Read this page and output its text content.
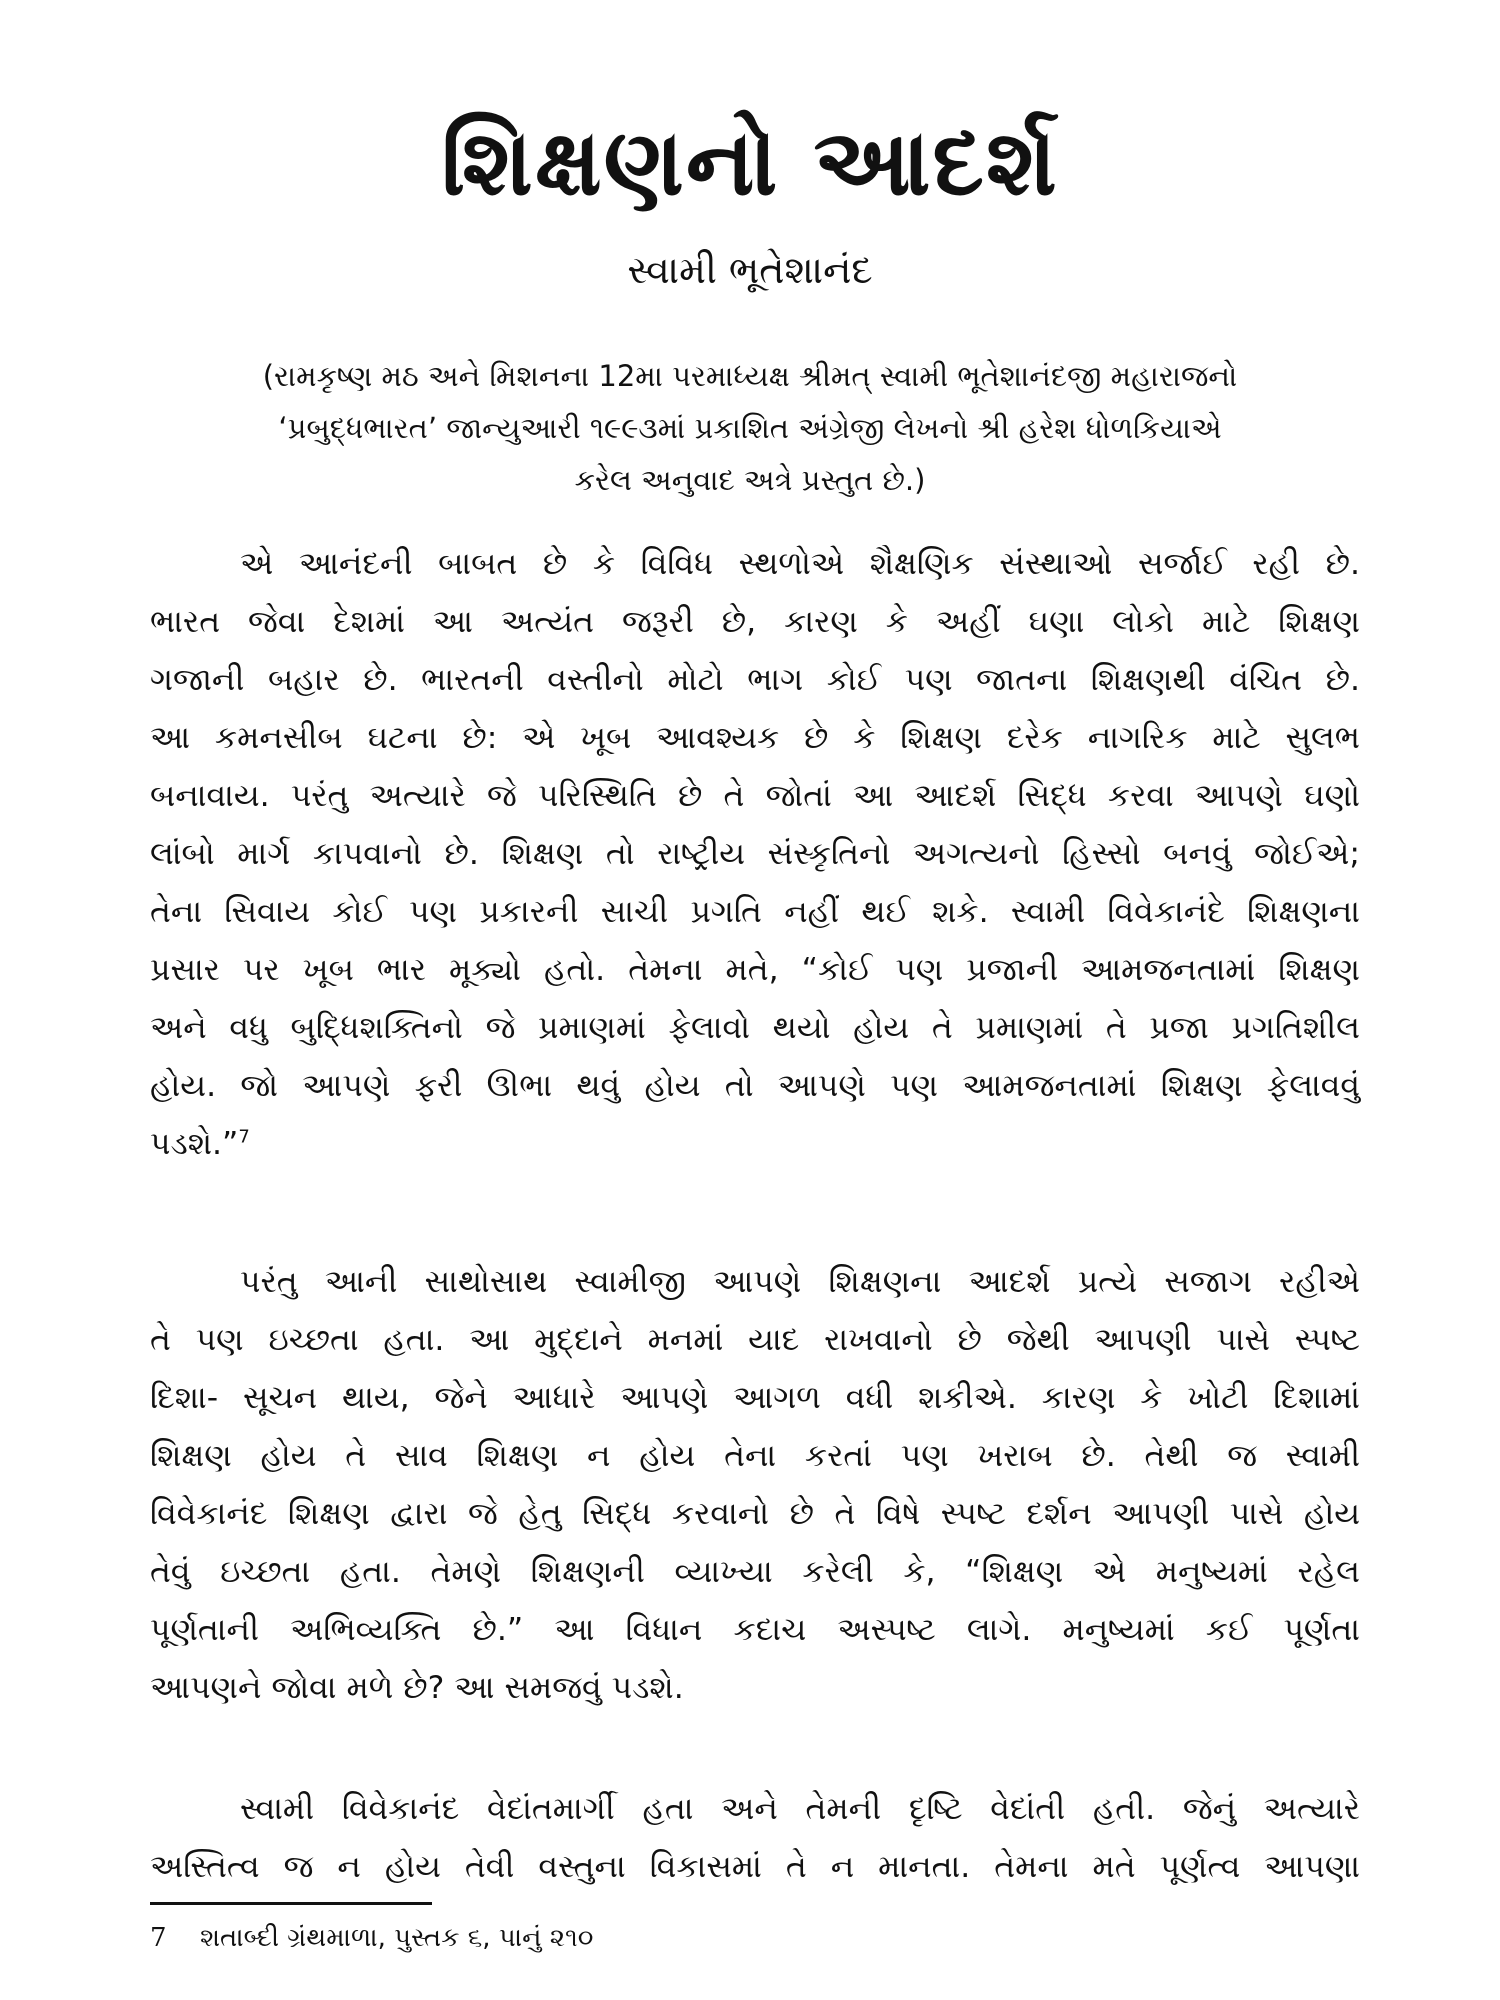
શિક્ષણનો આદર્શ
સ્વામી ભૂતેશાનંદ
(રામકૃષ્ણ મઠ અને મિશનના 12મા પરમાધ્યક્ષ શ્રીમત્ સ્વામી ભૂતેશાનંદજી મહારાજનો
‘પ્રબુદ્ધભારત’ જાન્યુઆરી ૧૯૯૩માં પ્રકાશિત અંગ્રેજી લેખનો શ્રી હરેશ ધોળકિયાએ
કરેલ અનુવાદ અત્રે પ્રસ્તુત છે.)
એ આનંદની બાબત છે કે વિવિધ સ્થળોએ શૈક્ષણિક સંસ્થાઓ સર્જાઈ રહી છે.
ભારત જેવા દેશમાં આ અત્યંત જરૂરી છે, કારણ કે અહીં ઘણા લોકો માટે શિક્ષણ
ગજાની બહાર છે. ભારતની વસ્તીનો મોટો ભાગ કોઈ પણ જાતના શિક્ષણથી વંચિત છે.
આ કમનસીબ ઘટના છે: એ ખૂબ આવશ્યક છે કે શિક્ષણ દરેક નાગરિક માટે સુલભ
બનાવાય. પરંતુ અત્યારે જે પરિસ્થિતિ છે તે જોતાં આ આદર્શ સિદ્ધ કરવા આપણે ઘણો
લાંબો માર્ગ કાપવાનો છે. શિક્ષણ તો રાષ્ટ્રીય સંસ્કૃતિનો અગત્યનો હિસ્સો બનવું જોઈએ;
તેના સિવાય કોઈ પણ પ્રકારની સાચી પ્રગતિ નહીં થઈ શકે. સ્વામી વિવેકાનંદે શિક્ષણના
પ્રસાર પર ખૂબ ભાર મૂક્યો હતો. તેમના મતે, “કોઈ પણ પ્રજાની આમજનતામાં શિક્ષણ
અને વધુ બુદ્ધિશક્તિનો જે પ્રમાણમાં ફેલાવો થયો હોય તે પ્રમાણમાં તે પ્રજા પ્રગતિશીલ
હોય. જો આપણે ફરી ઊભા થવું હોય તો આપણે પણ આમજનતામાં શિક્ષણ ફેલાવવું
પડશે.”$^7$
પરંતુ આની સાથોસાથ સ્વામીજી આપણે શિક્ષણના આદર્શ પ્રત્યે સજાગ રહીએ
તે પણ ઇચ્છતા હતા. આ મુદ્દાને મનમાં યાદ રાખવાનો છે જેથી આપણી પાસે સ્પષ્ટ
દિશા- સૂચન થાય, જેને આધારે આપણે આગળ વધી શકીએ. કારણ કે ખોટી દિશામાં
શિક્ષણ હોય તે સાવ શિક્ષણ ન હોય તેના કરતાં પણ ખરાબ છે. તેથી જ સ્વામી
વિવેકાનંદ શિક્ષણ દ્વારા જે હેતુ સિદ્ધ કરવાનો છે તે વિષે સ્પષ્ટ દર્શન આપણી પાસે હોય
તેવું ઇચ્છતા હતા. તેમણે શિક્ષણની વ્યાખ્યા કરેલી કે, “શિક્ષણ એ મનુષ્યમાં રહેલ
પૂર્ણતાની અભિવ્યક્તિ છે.” આ વિધાન કદાચ અસ્પષ્ટ લાગે. મનુષ્યમાં કઈ પૂર્ણતા
આપણને જોવા મળે છે? આ સમજવું પડશે.
સ્વામી વિવેકાનંદ વેદાંતમાર્ગી હતા અને તેમની દૃષ્ટિ વેદાંતી હતી. જેનું અત્યારે
અસ્તિત્વ જ ન હોય તેવી વસ્તુના વિકાસમાં તે ન માનતા. તેમના મતે પૂર્ણત્વ આપણા
7 શતાબ્દી ગ્રંથમાળા, પુસ્તક ૬, પાનું ૨૧૦
